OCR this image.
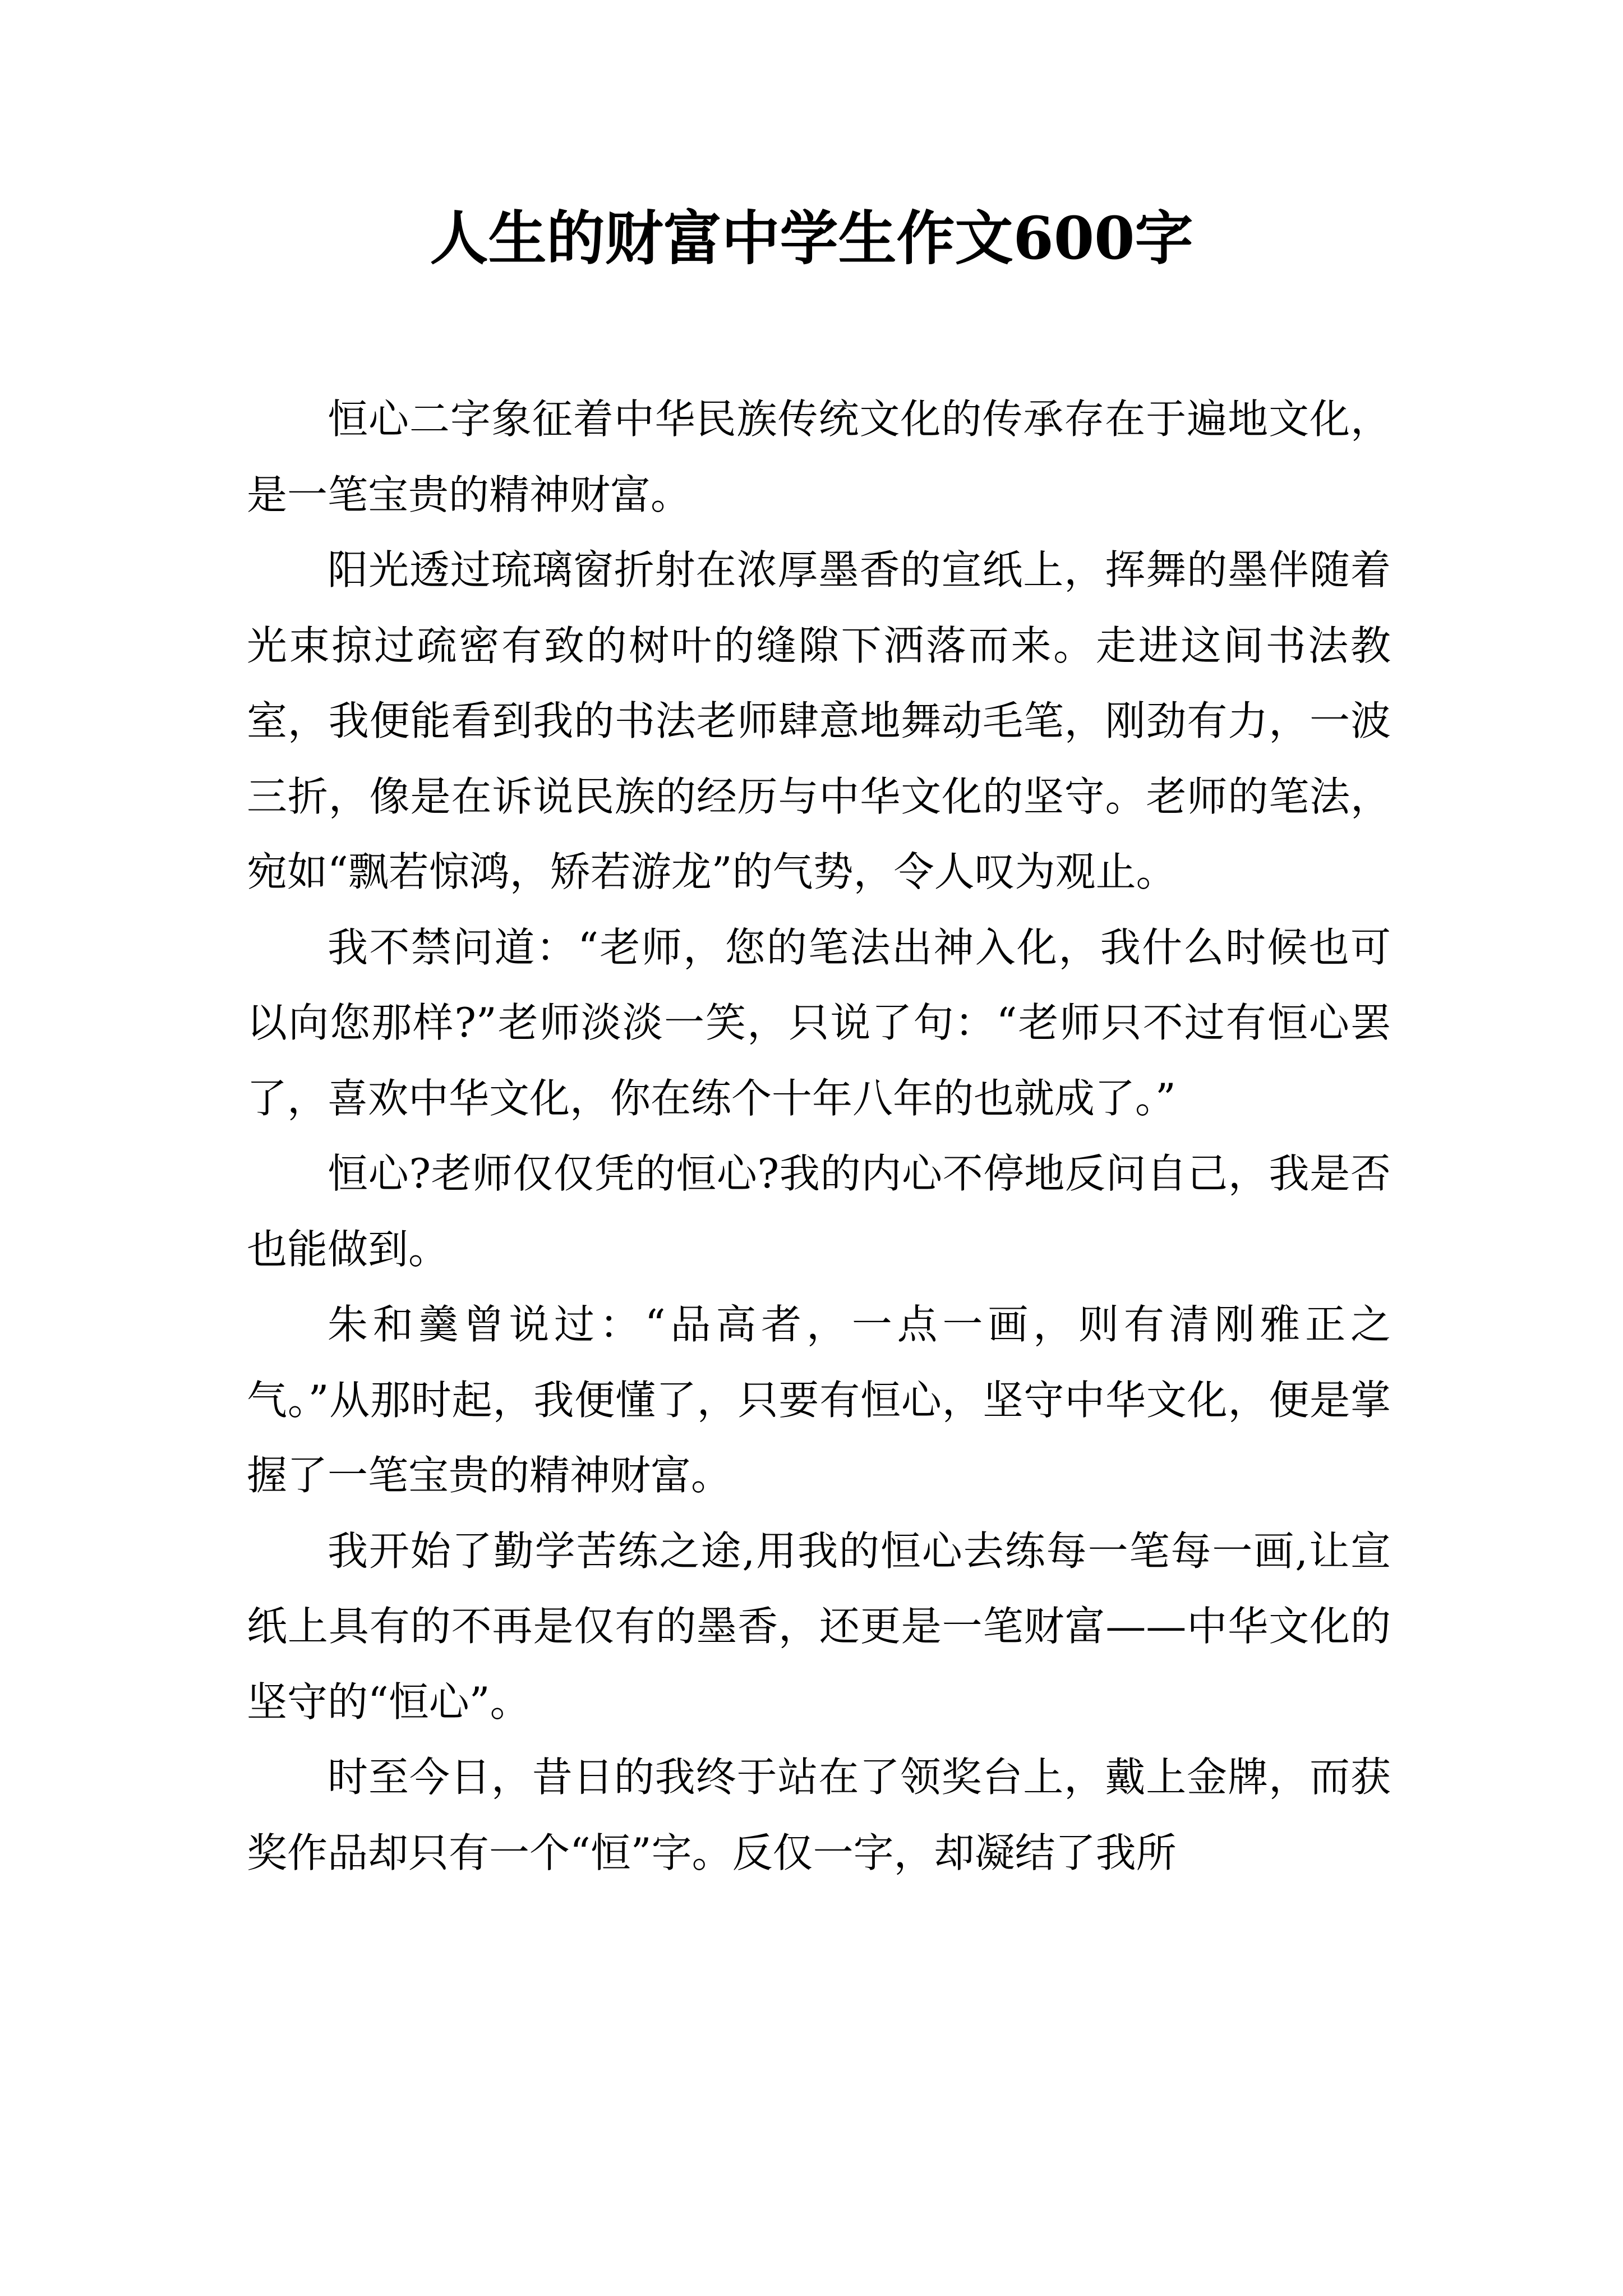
人生的财富中学生作文600字

恒心二字象征着中华民族传统文化的传承存在于遍地文化，是一笔宝贵的精神财富。

阳光透过琉璃窗折射在浓厚墨香的宣纸上，挥舞的墨伴随着光束掠过疏密有致的树叶的缝隙下洒落而来。走进这间书法教室，我便能看到我的书法老师肆意地舞动毛笔，刚劲有力，一波三折，像是在诉说民族的经历与中华文化的坚守。老师的笔法，宛如“飘若惊鸿，矫若游龙”的气势，令人叹为观止。

我不禁问道：“老师，您的笔法出神入化，我什么时候也可以向您那样?”老师淡淡一笑，只说了句：“老师只不过有恒心罢了，喜欢中华文化，你在练个十年八年的也就成了。”

恒心?老师仅仅凭的恒心?我的内心不停地反问自己，我是否也能做到。

朱和羹曾说过：“品高者，一点一画，则有清刚雅正之气。”从那时起，我便懂了，只要有恒心，坚守中华文化，便是掌握了一笔宝贵的精神财富。

我开始了勤学苦练之途,用我的恒心去练每一笔每一画,让宣纸上具有的不再是仅有的墨香，还更是一笔财富——中华文化的坚守的“恒心”。

时至今日，昔日的我终于站在了领奖台上，戴上金牌，而获奖作品却只有一个“恒”字。反仅一字，却凝结了我所
